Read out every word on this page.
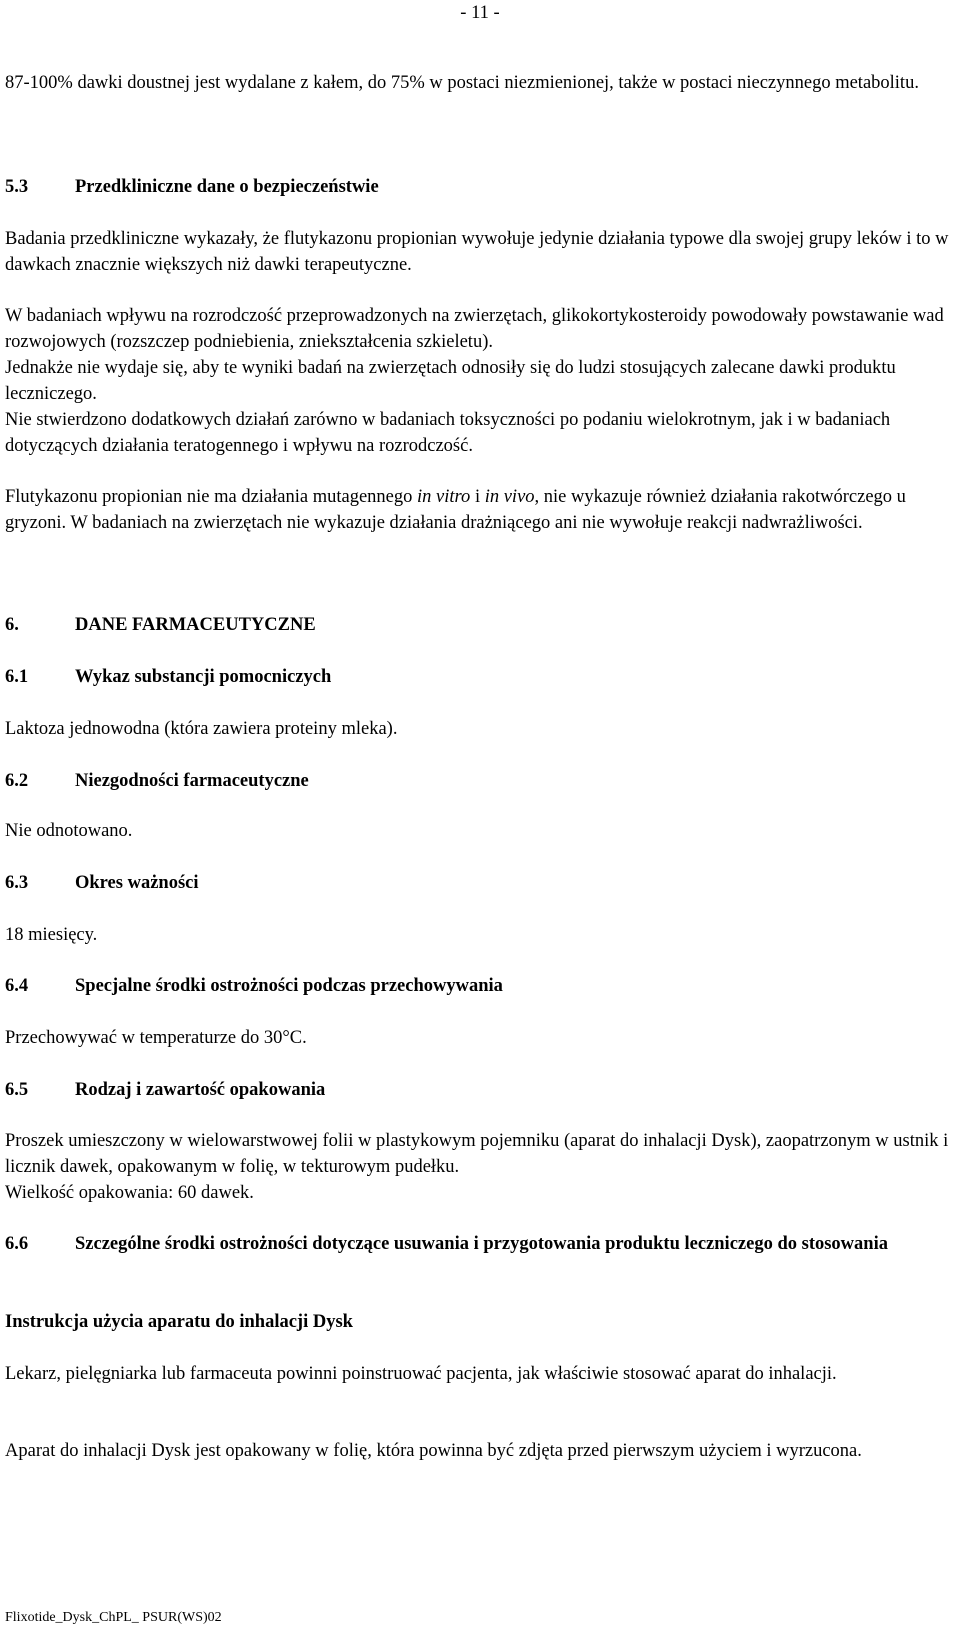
- 11 -

87-100% dawki doustnej jest wydalane z kałem, do 75% w postaci niezmienionej, także w postaci nieczynnego metabolitu.

5.3	Przedkliniczne dane o bezpieczeństwie

Badania przedkliniczne wykazały, że flutykazonu propionian wywołuje jedynie działania typowe dla swojej grupy leków i to w dawkach znacznie większych niż dawki terapeutyczne.

W badaniach wpływu na rozrodczość przeprowadzonych na zwierzętach, glikokortykosteroidy powodowały powstawanie wad rozwojowych (rozszczep podniebienia, zniekształcenia szkieletu).

Jednakże nie wydaje się, aby te wyniki badań na zwierzętach odnosiły się do ludzi stosujących zalecane dawki produktu leczniczego.

Nie stwierdzono dodatkowych działań zarówno w badaniach toksyczności po podaniu wielokrotnym, jak i w badaniach dotyczących działania teratogennego i wpływu na rozrodczość.

Flutykazonu propionian nie ma działania mutagennego in vitro i in vivo, nie wykazuje również działania rakotwórczego u gryzoni. W badaniach na zwierzętach nie wykazuje działania drażniącego ani nie wywołuje reakcji nadwrażliwości.

6.	DANE FARMACEUTYCZNE
6.1	Wykaz substancji pomocniczych

Laktoza jednowodna (która zawiera proteiny mleka).

6.2	Niezgodności farmaceutyczne

Nie odnotowano.

6.3	Okres ważności

18 miesięcy.

6.4	Specjalne środki ostrożności podczas przechowywania

Przechowywać w temperaturze do 30°C.

6.5	Rodzaj i zawartość opakowania

Proszek umieszczony w wielowarstwowej folii w plastykowym pojemniku (aparat do inhalacji Dysk), zaopatrzonym w ustnik i licznik dawek, opakowanym w folię, w tekturowym pudełku.

Wielkość opakowania: 60 dawek.

6.6	Szczególne środki ostrożności dotyczące usuwania i przygotowania produktu leczniczego do stosowania
Instrukcja użycia aparatu do inhalacji Dysk

Lekarz, pielęgniarka lub farmaceuta powinni poinstruować pacjenta, jak właściwie stosować aparat do inhalacji.

Aparat do inhalacji Dysk jest opakowany w folię, która powinna być zdjęta przed pierwszym użyciem i wyrzucona.

Flixotide_Dysk_ChPL_ PSUR(WS)02
